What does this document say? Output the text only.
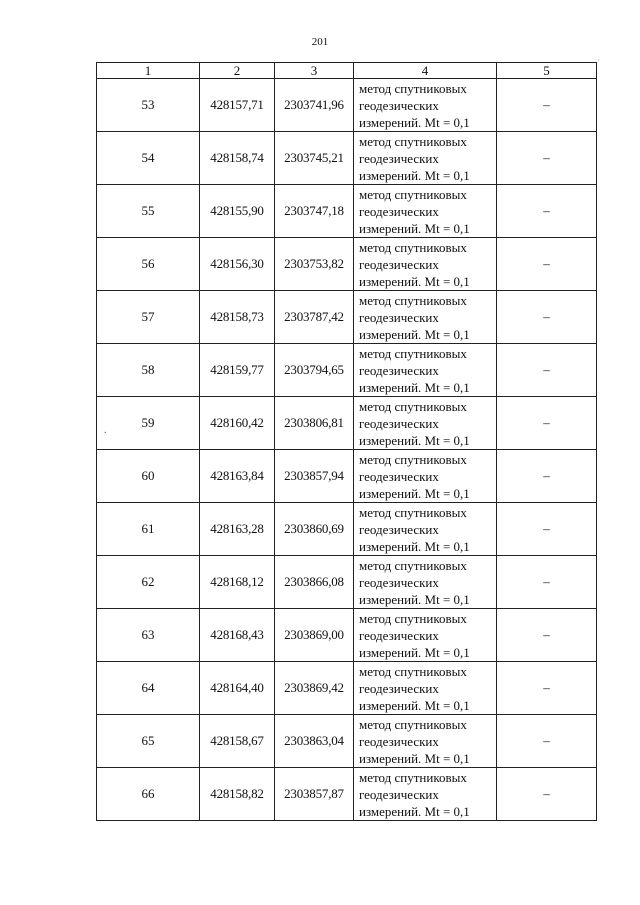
201
·
.
1	2	3	4	5
53	428157,71	2303741,96	метод спутниковых
геодезических
измерений. Mt = 0,1	–
54	428158,74	2303745,21	метод спутниковых
геодезических
измерений. Mt = 0,1	–
55	428155,90	2303747,18	метод спутниковых
геодезических
измерений. Mt = 0,1	–
56	428156,30	2303753,82	метод спутниковых
геодезических
измерений. Mt = 0,1	–
57	428158,73	2303787,42	метод спутниковых
геодезических
измерений. Mt = 0,1	–
58	428159,77	2303794,65	метод спутниковых
геодезических
измерений. Mt = 0,1	–
59	428160,42	2303806,81	метод спутниковых
геодезических
измерений. Mt = 0,1	–
60	428163,84	2303857,94	метод спутниковых
геодезических
измерений. Mt = 0,1	–
61	428163,28	2303860,69	метод спутниковых
геодезических
измерений. Mt = 0,1	–
62	428168,12	2303866,08	метод спутниковых
геодезических
измерений. Mt = 0,1	–
63	428168,43	2303869,00	метод спутниковых
геодезических
измерений. Mt = 0,1	–
64	428164,40	2303869,42	метод спутниковых
геодезических
измерений. Mt = 0,1	–
65	428158,67	2303863,04	метод спутниковых
геодезических
измерений. Mt = 0,1	–
66	428158,82	2303857,87	метод спутниковых
геодезических
измерений. Mt = 0,1	–
